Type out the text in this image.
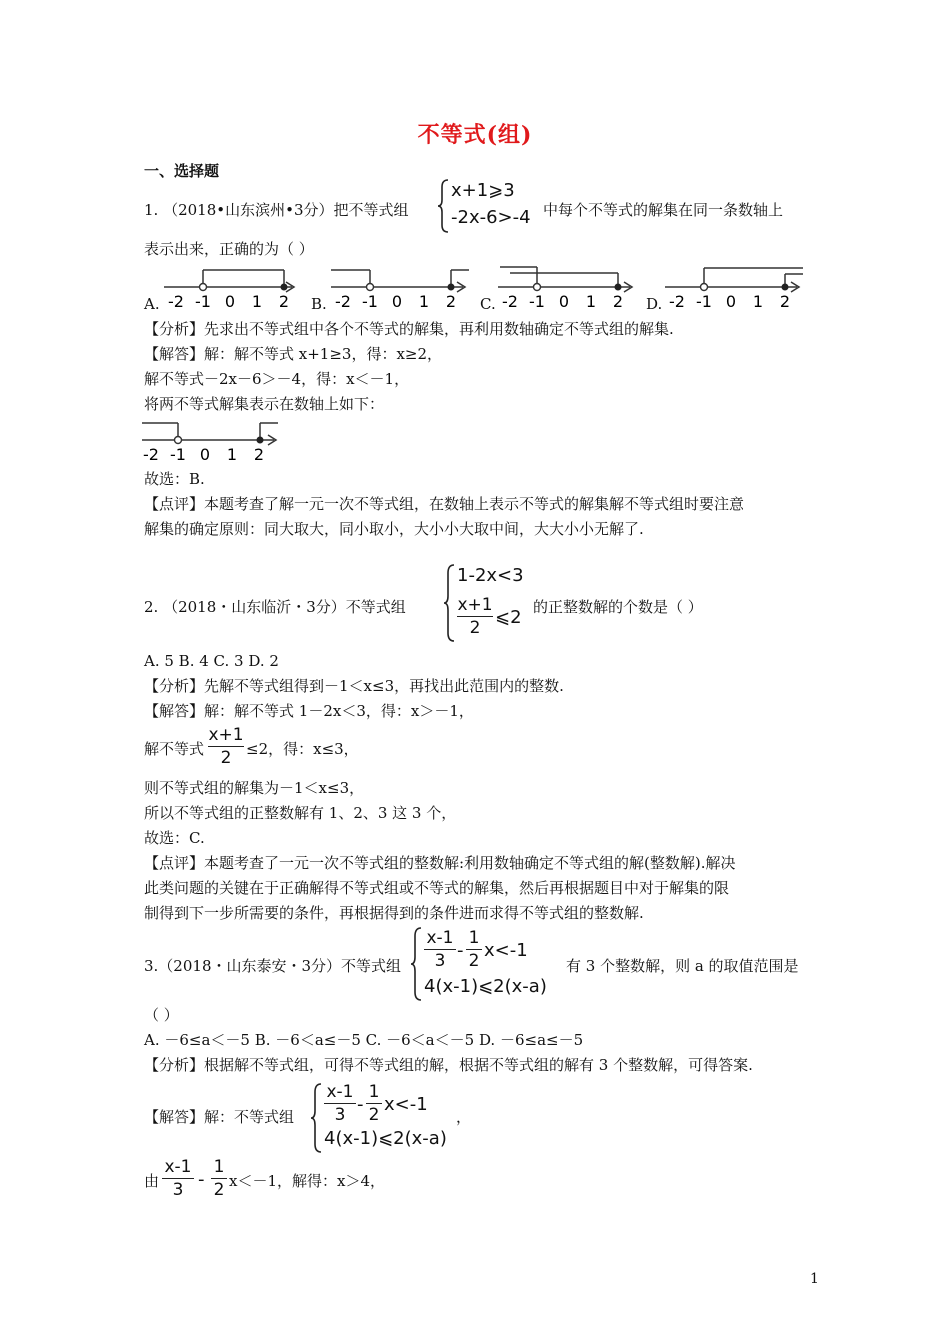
不等式(组)
一、选择题
1. （2018•山东滨州•3分）把不等式组
x+1⩾3
-2x-6>-4 中每个不等式的解集在同一条数轴上
表示出来，正确的为（ ）
A. -2 -1 0 1 2 B. -2 -1 0 1 2 C. -2 -1 0 1 2 D. -2 -1 0 1 2
【分析】先求出不等式组中各个不等式的解集，再利用数轴确定不等式组的解集.
【解答】解：解不等式 x+1≥3，得：x≥2，
解不等式－2x－6＞－4，得：x＜－1，
将两不等式解集表示在数轴上如下：
-2 -1 0 1 2
故选：B.
【点评】本题考查了解一元一次不等式组，在数轴上表示不等式的解集解不等式组时要注意
解集的确定原则：同大取大，同小取小，大小小大取中间，大大小小无解了.
2. （2018・山东临沂・3分）不等式组
1-2x<3
x+1
2 ⩽2 的正整数解的个数是（ ）
A. 5 B. 4 C. 3 D. 2
【分析】先解不等式组得到－1＜x≤3，再找出此范围内的整数.
【解答】解：解不等式 1－2x＜3，得：x＞－1，
解不等式
x+1
2 ≤2，得：x≤3，
则不等式组的解集为－1＜x≤3，
所以不等式组的正整数解有 1、2、3 这 3 个，
故选：C.
【点评】本题考查了一元一次不等式组的整数解:利用数轴确定不等式组的解(整数解).解决
此类问题的关键在于正确解得不等式组或不等式的解集，然后再根据题目中对于解集的限
制得到下一步所需要的条件，再根据得到的条件进而求得不等式组的整数解.
3.（2018・山东泰安・3分）不等式组
x-1
3 -
1
2 x<-1
4(x-1)⩽2(x-a)
有 3 个整数解，则 a 的取值范围是
（ ）
A. －6≤a＜－5 B. －6＜a≤－5 C. －6＜a＜－5 D. －6≤a≤－5
【分析】根据解不等式组，可得不等式组的解，根据不等式组的解有 3 个整数解，可得答案.
【解答】解：不等式组
x-1
3 -
1
2 x<-1
4(x-1)⩽2(x-a)
，
由
x-1
3 -
1
2 x＜－1，解得：x＞4，
1
